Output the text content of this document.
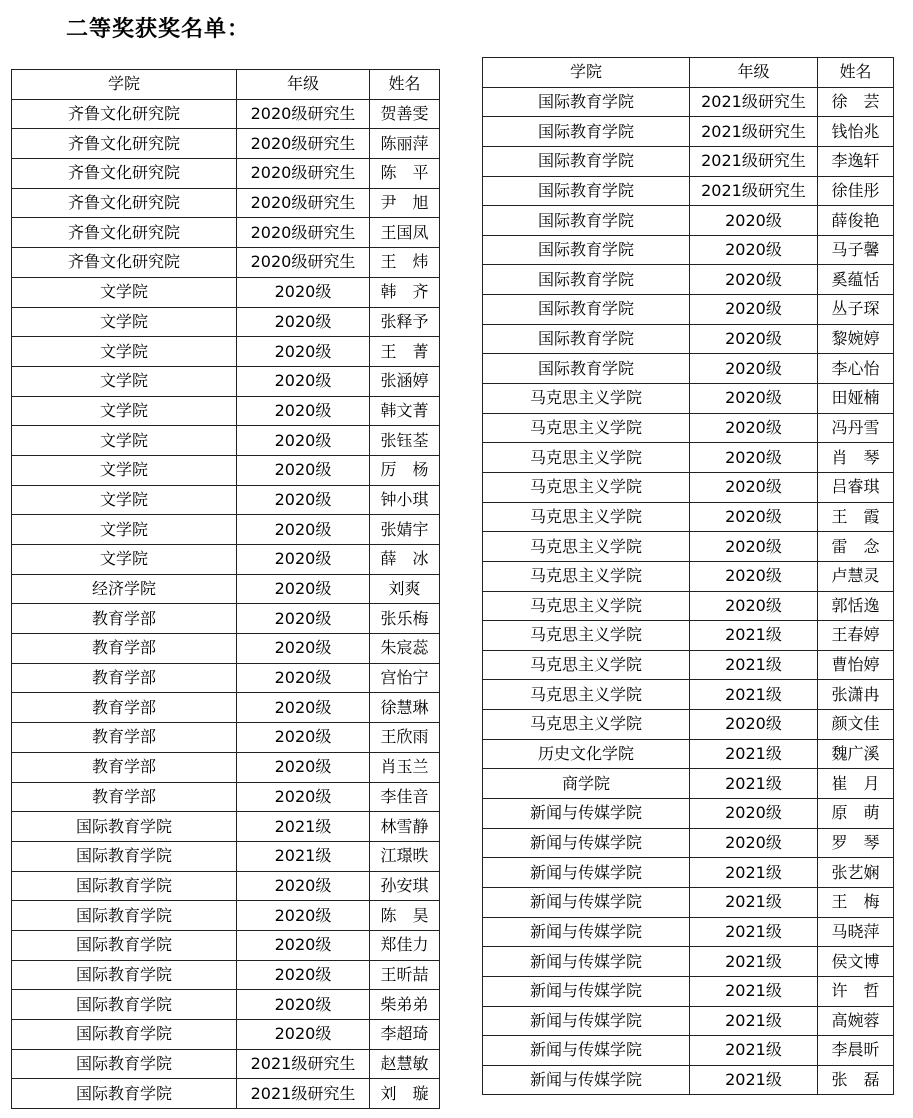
二等奖获奖名单：
学院	年级	姓名
齐鲁文化研究院	2020级研究生	贺善雯
齐鲁文化研究院	2020级研究生	陈丽萍
齐鲁文化研究院	2020级研究生	陈　平
齐鲁文化研究院	2020级研究生	尹　旭
齐鲁文化研究院	2020级研究生	王国凤
齐鲁文化研究院	2020级研究生	王　炜
文学院	2020级	韩　齐
文学院	2020级	张释予
文学院	2020级	王　菁
文学院	2020级	张涵婷
文学院	2020级	韩文菁
文学院	2020级	张钰荃
文学院	2020级	厉　杨
文学院	2020级	钟小琪
文学院	2020级	张婧宇
文学院	2020级	薛　冰
经济学院	2020级	刘爽
教育学部	2020级	张乐梅
教育学部	2020级	朱宸蕊
教育学部	2020级	宫怡宁
教育学部	2020级	徐慧琳
教育学部	2020级	王欣雨
教育学部	2020级	肖玉兰
教育学部	2020级	李佳音
国际教育学院	2021级	林雪静
国际教育学院	2021级	江璟昳
国际教育学院	2020级	孙安琪
国际教育学院	2020级	陈　昊
国际教育学院	2020级	郑佳力
国际教育学院	2020级	王昕喆
国际教育学院	2020级	柴弟弟
国际教育学院	2020级	李超琦
国际教育学院	2021级研究生	赵慧敏
国际教育学院	2021级研究生	刘　璇
学院	年级	姓名
国际教育学院	2021级研究生	徐　芸
国际教育学院	2021级研究生	钱怡兆
国际教育学院	2021级研究生	李逸轩
国际教育学院	2021级研究生	徐佳彤
国际教育学院	2020级	薛俊艳
国际教育学院	2020级	马子馨
国际教育学院	2020级	奚蕴恬
国际教育学院	2020级	丛子琛
国际教育学院	2020级	黎婉婷
国际教育学院	2020级	李心怡
马克思主义学院	2020级	田娅楠
马克思主义学院	2020级	冯丹雪
马克思主义学院	2020级	肖　琴
马克思主义学院	2020级	吕睿琪
马克思主义学院	2020级	王　霞
马克思主义学院	2020级	雷　念
马克思主义学院	2020级	卢慧灵
马克思主义学院	2020级	郭恬逸
马克思主义学院	2021级	王春婷
马克思主义学院	2021级	曹怡婷
马克思主义学院	2021级	张潇冉
马克思主义学院	2020级	颜文佳
历史文化学院	2021级	魏广溪
商学院	2021级	崔　月
新闻与传媒学院	2020级	原　萌
新闻与传媒学院	2020级	罗　琴
新闻与传媒学院	2021级	张艺娴
新闻与传媒学院	2021级	王　梅
新闻与传媒学院	2021级	马晓萍
新闻与传媒学院	2021级	侯文博
新闻与传媒学院	2021级	许　哲
新闻与传媒学院	2021级	高婉蓉
新闻与传媒学院	2021级	李晨昕
新闻与传媒学院	2021级	张　磊
